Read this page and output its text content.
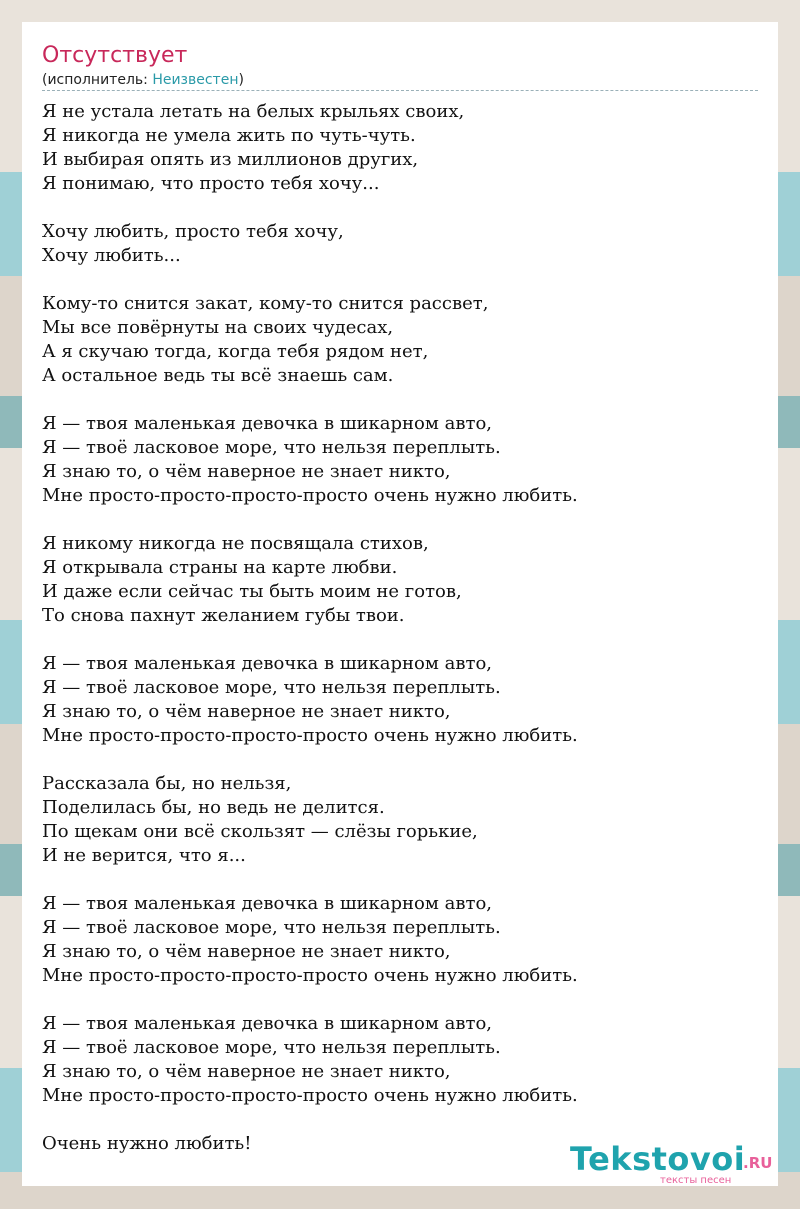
Отсутствует
(исполнитель: Неизвестен)
Я не устала летать на белых крыльях своих,
Я никогда не умела жить по чуть-чуть.
И выбирая опять из миллионов других,
Я понимаю, что просто тебя хочу...
Хочу любить, просто тебя хочу,
Хочу любить...
Кому-то снится закат, кому-то снится рассвет,
Мы все повёрнуты на своих чудесах,
А я скучаю тогда, когда тебя рядом нет,
А остальное ведь ты всё знаешь сам.
Я — твоя маленькая девочка в шикарном авто,
Я — твоё ласковое море, что нельзя переплыть.
Я знаю то, о чём наверное не знает никто,
Мне просто-просто-просто-просто очень нужно любить.
Я никому никогда не посвящала стихов,
Я открывала страны на карте любви.
И даже если сейчас ты быть моим не готов,
То снова пахнут желанием губы твои.
Я — твоя маленькая девочка в шикарном авто,
Я — твоё ласковое море, что нельзя переплыть.
Я знаю то, о чём наверное не знает никто,
Мне просто-просто-просто-просто очень нужно любить.
Рассказала бы, но нельзя,
Поделилась бы, но ведь не делится.
По щекам они всё скользят — слёзы горькие,
И не верится, что я...
Я — твоя маленькая девочка в шикарном авто,
Я — твоё ласковое море, что нельзя переплыть.
Я знаю то, о чём наверное не знает никто,
Мне просто-просто-просто-просто очень нужно любить.
Я — твоя маленькая девочка в шикарном авто,
Я — твоё ласковое море, что нельзя переплыть.
Я знаю то, о чём наверное не знает никто,
Мне просто-просто-просто-просто очень нужно любить.
Очень нужно любить!	Tekstovoi
.RU
тексты песен
